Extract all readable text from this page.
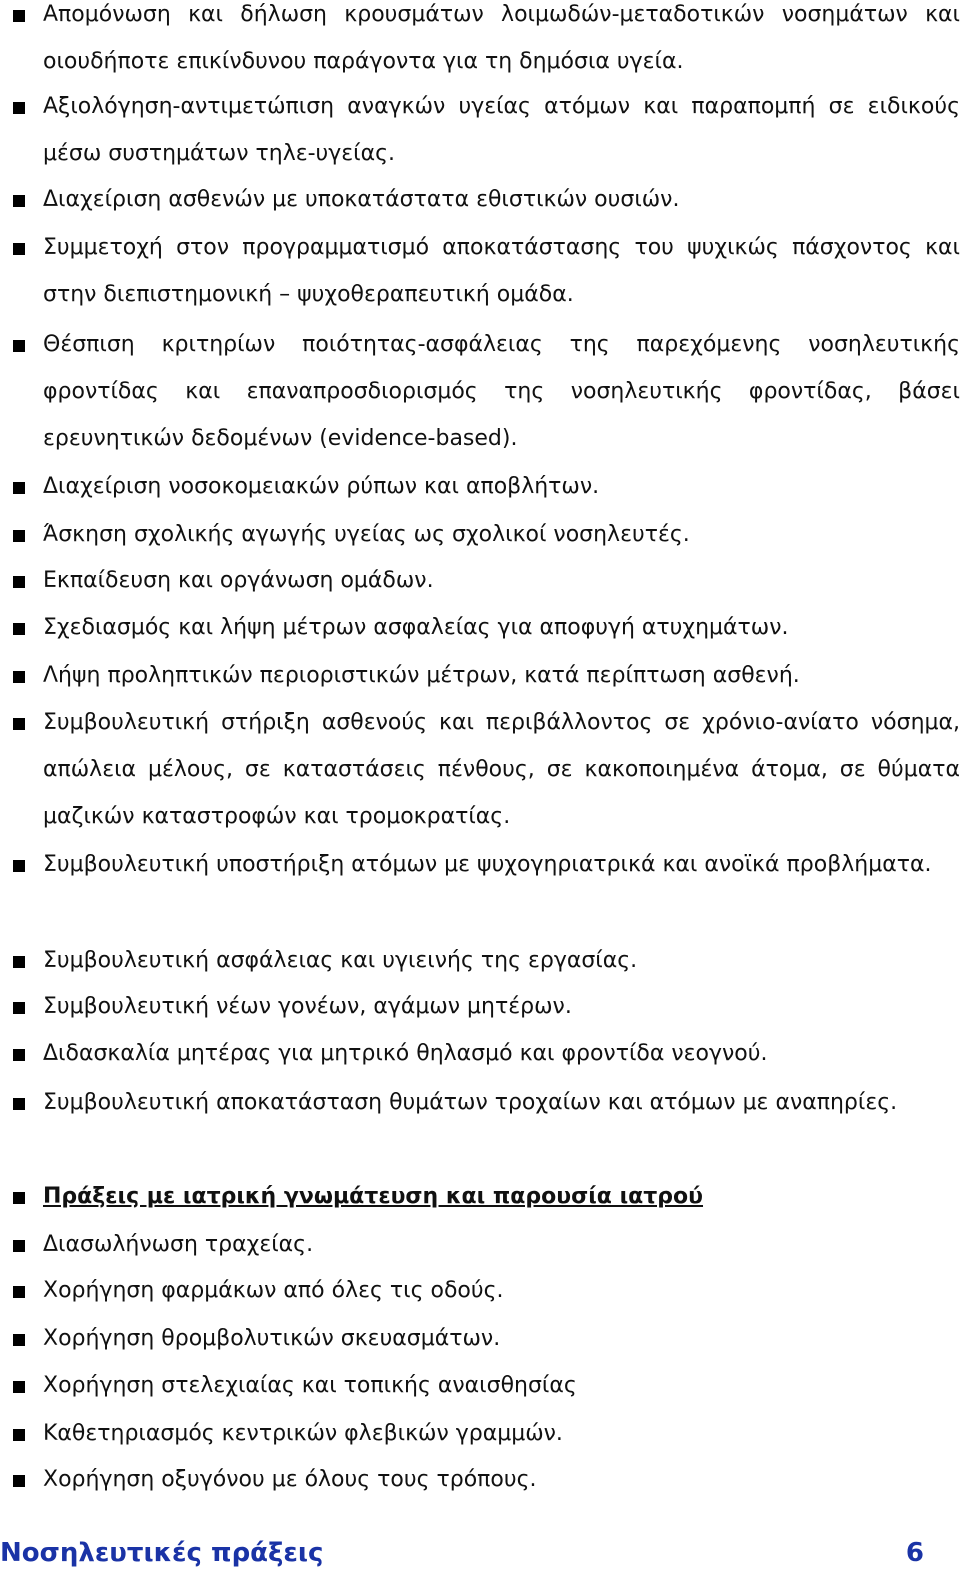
Απομόνωση και δήλωση κρουσμάτων λοιμωδών-μεταδοτικών νοσημάτων και οιουδήποτε επικίνδυνου παράγοντα για τη δημόσια υγεία.

Αξιολόγηση-αντιμετώπιση αναγκών υγείας ατόμων και παραπομπή σε ειδικούς μέσω συστημάτων τηλε-υγείας.

Διαχείριση ασθενών με υποκατάστατα εθιστικών ουσιών.

Συμμετοχή στον προγραμματισμό αποκατάστασης του ψυχικώς πάσχοντος και στην διεπιστημονική – ψυχοθεραπευτική ομάδα.

Θέσπιση κριτηρίων ποιότητας-ασφάλειας της παρεχόμενης νοσηλευτικής φροντίδας και επαναπροσδιορισμός της νοσηλευτικής φροντίδας, βάσει ερευνητικών δεδομένων (evidence-based).

Διαχείριση νοσοκομειακών ρύπων και αποβλήτων.

Άσκηση σχολικής αγωγής υγείας ως σχολικοί νοσηλευτές.

Εκπαίδευση και οργάνωση ομάδων.

Σχεδιασμός και λήψη μέτρων ασφαλείας για αποφυγή ατυχημάτων.

Λήψη προληπτικών περιοριστικών μέτρων, κατά περίπτωση ασθενή.

Συμβουλευτική στήριξη ασθενούς και περιβάλλοντος σε χρόνιο-ανίατο νόσημα, απώλεια μέλους, σε καταστάσεις πένθους, σε κακοποιημένα άτομα, σε θύματα μαζικών καταστροφών και τρομοκρατίας.

Συμβουλευτική υποστήριξη ατόμων με ψυχογηριατρικά και ανοϊκά προβλήματα.

Συμβουλευτική ασφάλειας και υγιεινής της εργασίας.

Συμβουλευτική νέων γονέων, αγάμων μητέρων.

Διδασκαλία μητέρας για μητρικό θηλασμό και φροντίδα νεογνού.

Συμβουλευτική αποκατάσταση θυμάτων τροχαίων και ατόμων με αναπηρίες.

Πράξεις με ιατρική γνωμάτευση και παρουσία ιατρού

Διασωλήνωση τραχείας.

Χορήγηση φαρμάκων από όλες τις οδούς.

Χορήγηση θρομβολυτικών σκευασμάτων.

Χορήγηση στελεχιαίας και τοπικής αναισθησίας

Καθετηριασμός κεντρικών φλεβικών γραμμών.

Χορήγηση οξυγόνου με όλους τους τρόπους.

Νοσηλευτικές πράξεις	6
